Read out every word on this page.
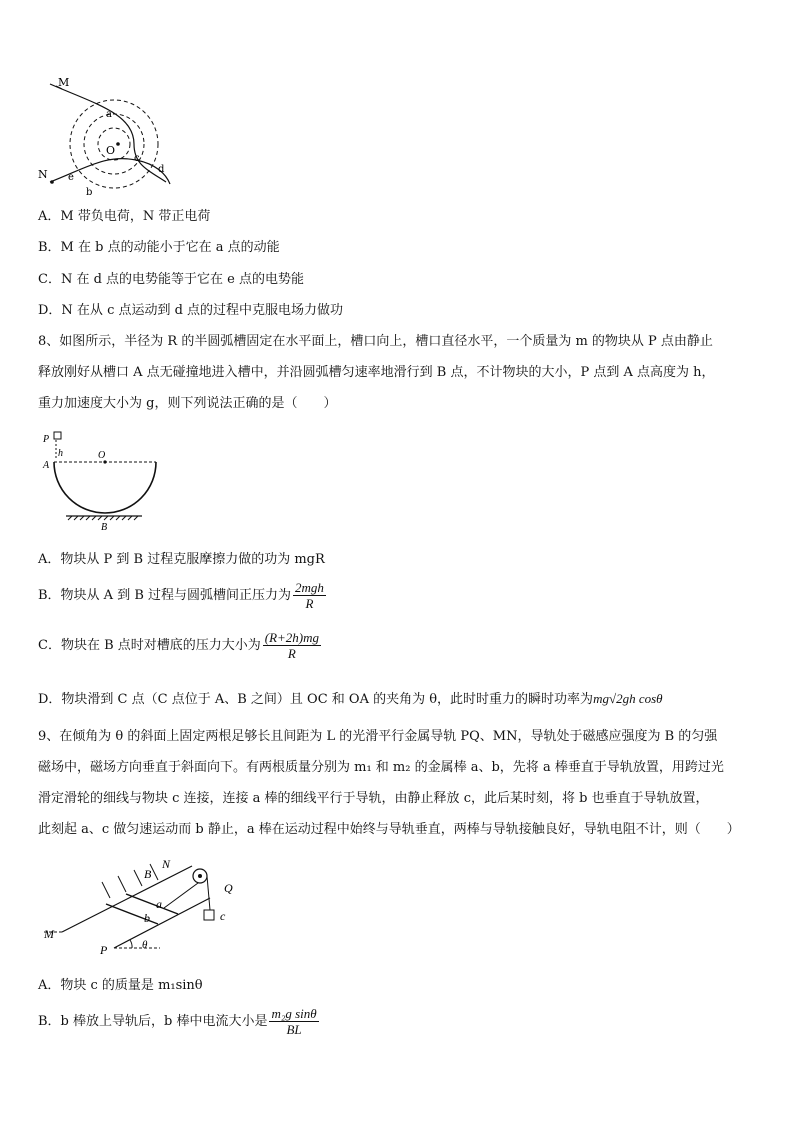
M
N
O
a
b
c
d
e
A．M 带负电荷，N 带正电荷
B．M 在 b 点的动能小于它在 a 点的动能
C．N 在 d 点的电势能等于它在 e 点的电势能
D．N 在从 c 点运动到 d 点的过程中克服电场力做功
8、如图所示，半径为 R 的半圆弧槽固定在水平面上，槽口向上，槽口直径水平，一个质量为 m 的物块从 P 点由静止
释放刚好从槽口 A 点无碰撞地进入槽中，并沿圆弧槽匀速率地滑行到 B 点，不计物块的大小，P 点到 A 点高度为 h，
重力加速度大小为 g，则下列说法正确的是（　　）
P
h	O
A
B
A．物块从 P 到 B 过程克服摩擦力做的功为 mgR
B．物块从 A 到 B 过程与圆弧槽间正压力为 $\frac{\text{2mgh}}{R}$
C．物块在 B 点时对槽底的压力大小为 $\frac{(R+2h)mg}{R}$
D．物块滑到 C 点（C 点位于 A、B 之间）且 OC 和 OA 的夹角为 θ，此时时重力的瞬时功率为mg√2gh cosθ
9、在倾角为 θ 的斜面上固定两根足够长且间距为 L 的光滑平行金属导轨 PQ、MN，导轨处于磁感应强度为 B 的匀强
磁场中，磁场方向垂直于斜面向下。有两根质量分别为 m₁ 和 m₂ 的金属棒 a、b，先将 a 棒垂直于导轨放置，用跨过光
滑定滑轮的细线与物块 c 连接，连接 a 棒的细线平行于导轨，由静止释放 c，此后某时刻，将 b 也垂直于导轨放置，
此刻起 a、c 做匀速运动而 b 静止，a 棒在运动过程中始终与导轨垂直，两棒与导轨接触良好，导轨电阻不计，则（　　）
B
N
Q
a
b	c
M
P	θ
A．物块 c 的质量是 m₁sinθ
B．b 棒放上导轨后，b 棒中电流大小是 $\frac{\text{m₂g sinθ}}{BL}$
